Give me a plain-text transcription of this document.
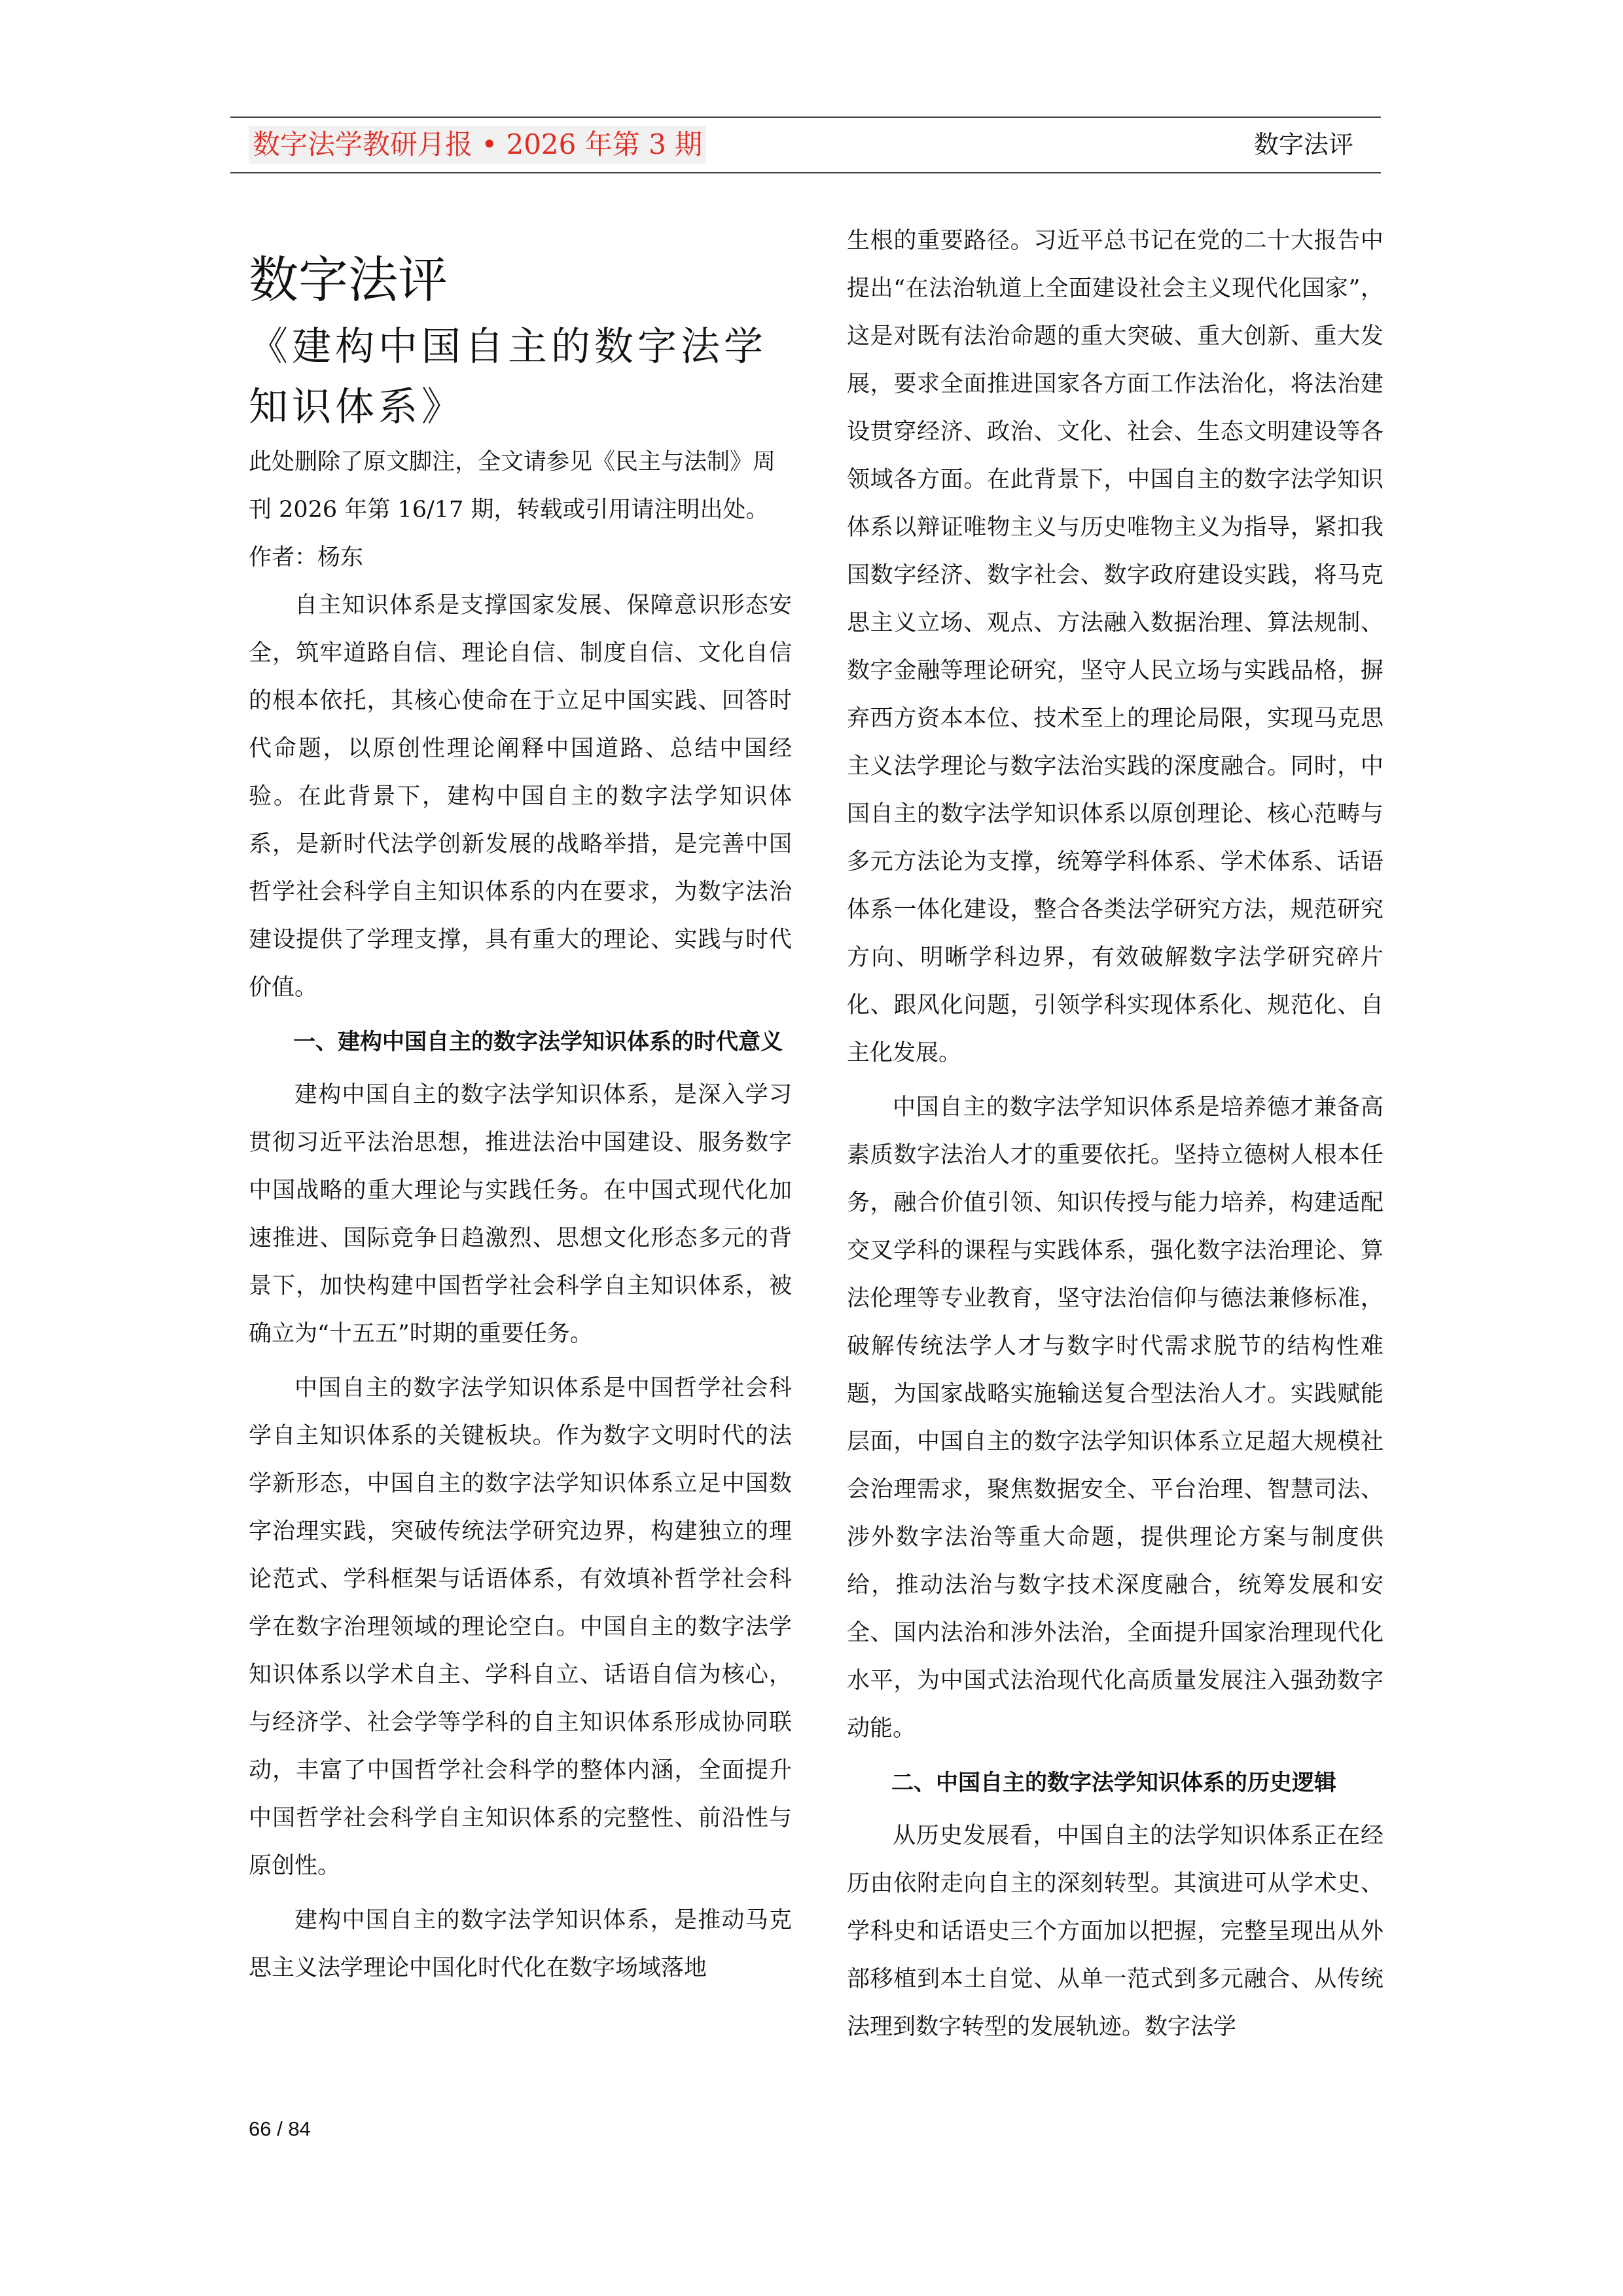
数字法学教研月报 • 2026 年第 3 期	数字法评
数字法评
《建构中国自主的数字法学知识体系》

此处删除了原文脚注，全文请参见《民主与法制》周刊 2026 年第 16/17 期，转载或引用请注明出处。

作者：杨东

自主知识体系是支撑国家发展、保障意识形态安全，筑牢道路自信、理论自信、制度自信、文化自信的根本依托，其核心使命在于立足中国实践、回答时代命题，以原创性理论阐释中国道路、总结中国经验。在此背景下，建构中国自主的数字法学知识体系，是新时代法学创新发展的战略举措，是完善中国哲学社会科学自主知识体系的内在要求，为数字法治建设提供了学理支撑，具有重大的理论、实践与时代价值。

一、建构中国自主的数字法学知识体系的时代意义

建构中国自主的数字法学知识体系，是深入学习贯彻习近平法治思想，推进法治中国建设、服务数字中国战略的重大理论与实践任务。在中国式现代化加速推进、国际竞争日趋激烈、思想文化形态多元的背景下，加快构建中国哲学社会科学自主知识体系，被确立为“十五五”时期的重要任务。

中国自主的数字法学知识体系是中国哲学社会科学自主知识体系的关键板块。作为数字文明时代的法学新形态，中国自主的数字法学知识体系立足中国数字治理实践，突破传统法学研究边界，构建独立的理论范式、学科框架与话语体系，有效填补哲学社会科学在数字治理领域的理论空白。中国自主的数字法学知识体系以学术自主、学科自立、话语自信为核心，与经济学、社会学等学科的自主知识体系形成协同联动，丰富了中国哲学社会科学的整体内涵，全面提升中国哲学社会科学自主知识体系的完整性、前沿性与原创性。

建构中国自主的数字法学知识体系，是推动马克思主义法学理论中国化时代化在数字场域落地

生根的重要路径。习近平总书记在党的二十大报告中提出“在法治轨道上全面建设社会主义现代化国家”，这是对既有法治命题的重大突破、重大创新、重大发展，要求全面推进国家各方面工作法治化，将法治建设贯穿经济、政治、文化、社会、生态文明建设等各领域各方面。在此背景下，中国自主的数字法学知识体系以辩证唯物主义与历史唯物主义为指导，紧扣我国数字经济、数字社会、数字政府建设实践，将马克思主义立场、观点、方法融入数据治理、算法规制、数字金融等理论研究，坚守人民立场与实践品格，摒弃西方资本本位、技术至上的理论局限，实现马克思主义法学理论与数字法治实践的深度融合。同时，中国自主的数字法学知识体系以原创理论、核心范畴与多元方法论为支撑，统筹学科体系、学术体系、话语体系一体化建设，整合各类法学研究方法，规范研究方向、明晰学科边界，有效破解数字法学研究碎片化、跟风化问题，引领学科实现体系化、规范化、自主化发展。

中国自主的数字法学知识体系是培养德才兼备高素质数字法治人才的重要依托。坚持立德树人根本任务，融合价值引领、知识传授与能力培养，构建适配交叉学科的课程与实践体系，强化数字法治理论、算法伦理等专业教育，坚守法治信仰与德法兼修标准，破解传统法学人才与数字时代需求脱节的结构性难题，为国家战略实施输送复合型法治人才。实践赋能层面，中国自主的数字法学知识体系立足超大规模社会治理需求，聚焦数据安全、平台治理、智慧司法、涉外数字法治等重大命题，提供理论方案与制度供给，推动法治与数字技术深度融合，统筹发展和安全、国内法治和涉外法治，全面提升国家治理现代化水平，为中国式法治现代化高质量发展注入强劲数字动能。

二、中国自主的数字法学知识体系的历史逻辑

从历史发展看，中国自主的法学知识体系正在经历由依附走向自主的深刻转型。其演进可从学术史、学科史和话语史三个方面加以把握，完整呈现出从外部移植到本土自觉、从单一范式到多元融合、从传统法理到数字转型的发展轨迹。数字法学

66 / 84
